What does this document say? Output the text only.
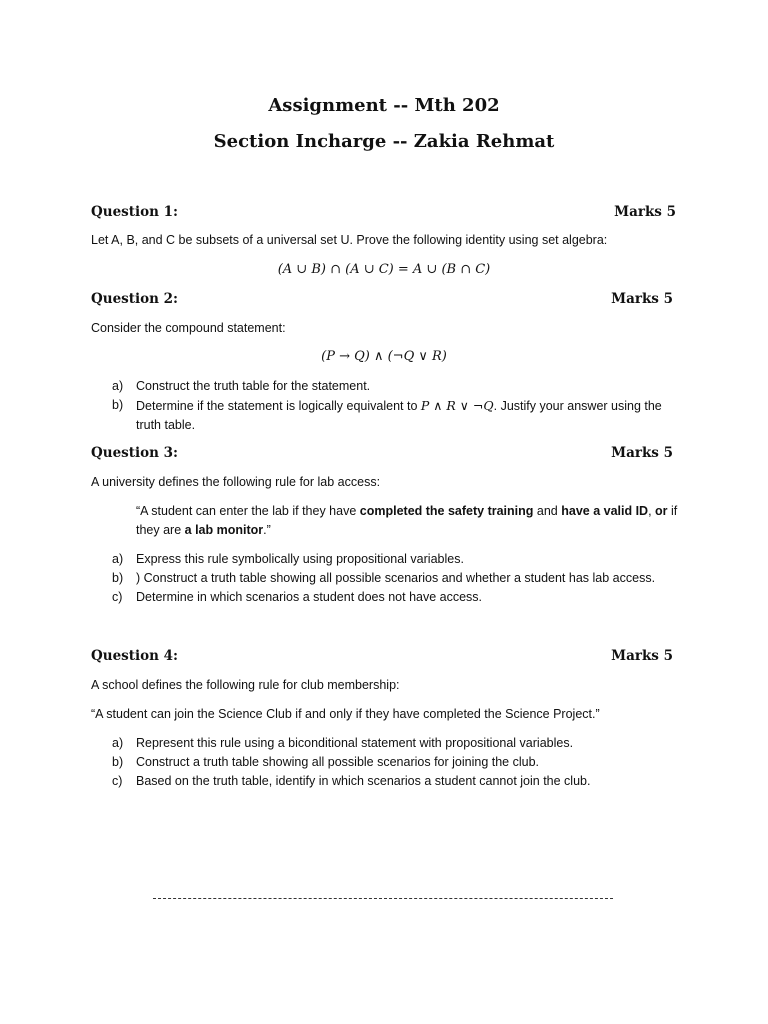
Assignment -- Mth 202
Section Incharge -- Zakia Rehmat
Question 1:	Marks 5
Let A, B, and C be subsets of a universal set U. Prove the following identity using set algebra:
(A ∪ B) ∩ (A ∪ C) = A ∪ (B ∩ C)
Question 2:	Marks 5
Consider the compound statement:
(P → Q) ∧ (¬Q ∨ R)
a)	Construct the truth table for the statement.
b)	Determine if the statement is logically equivalent to P ∧ R ∨ ¬Q. Justify your answer using the truth table.
Question 3:	Marks 5
A university defines the following rule for lab access:
“A student can enter the lab if they have completed the safety training and have a valid ID, or if they are a lab monitor.”
a)	Express this rule symbolically using propositional variables.
b)	) Construct a truth table showing all possible scenarios and whether a student has lab access.
c)	Determine in which scenarios a student does not have access.
Question 4:	Marks 5
A school defines the following rule for club membership:
“A student can join the Science Club if and only if they have completed the Science Project.”
a)	Represent this rule using a biconditional statement with propositional variables.
b)	Construct a truth table showing all possible scenarios for joining the club.
c)	Based on the truth table, identify in which scenarios a student cannot join the club.
